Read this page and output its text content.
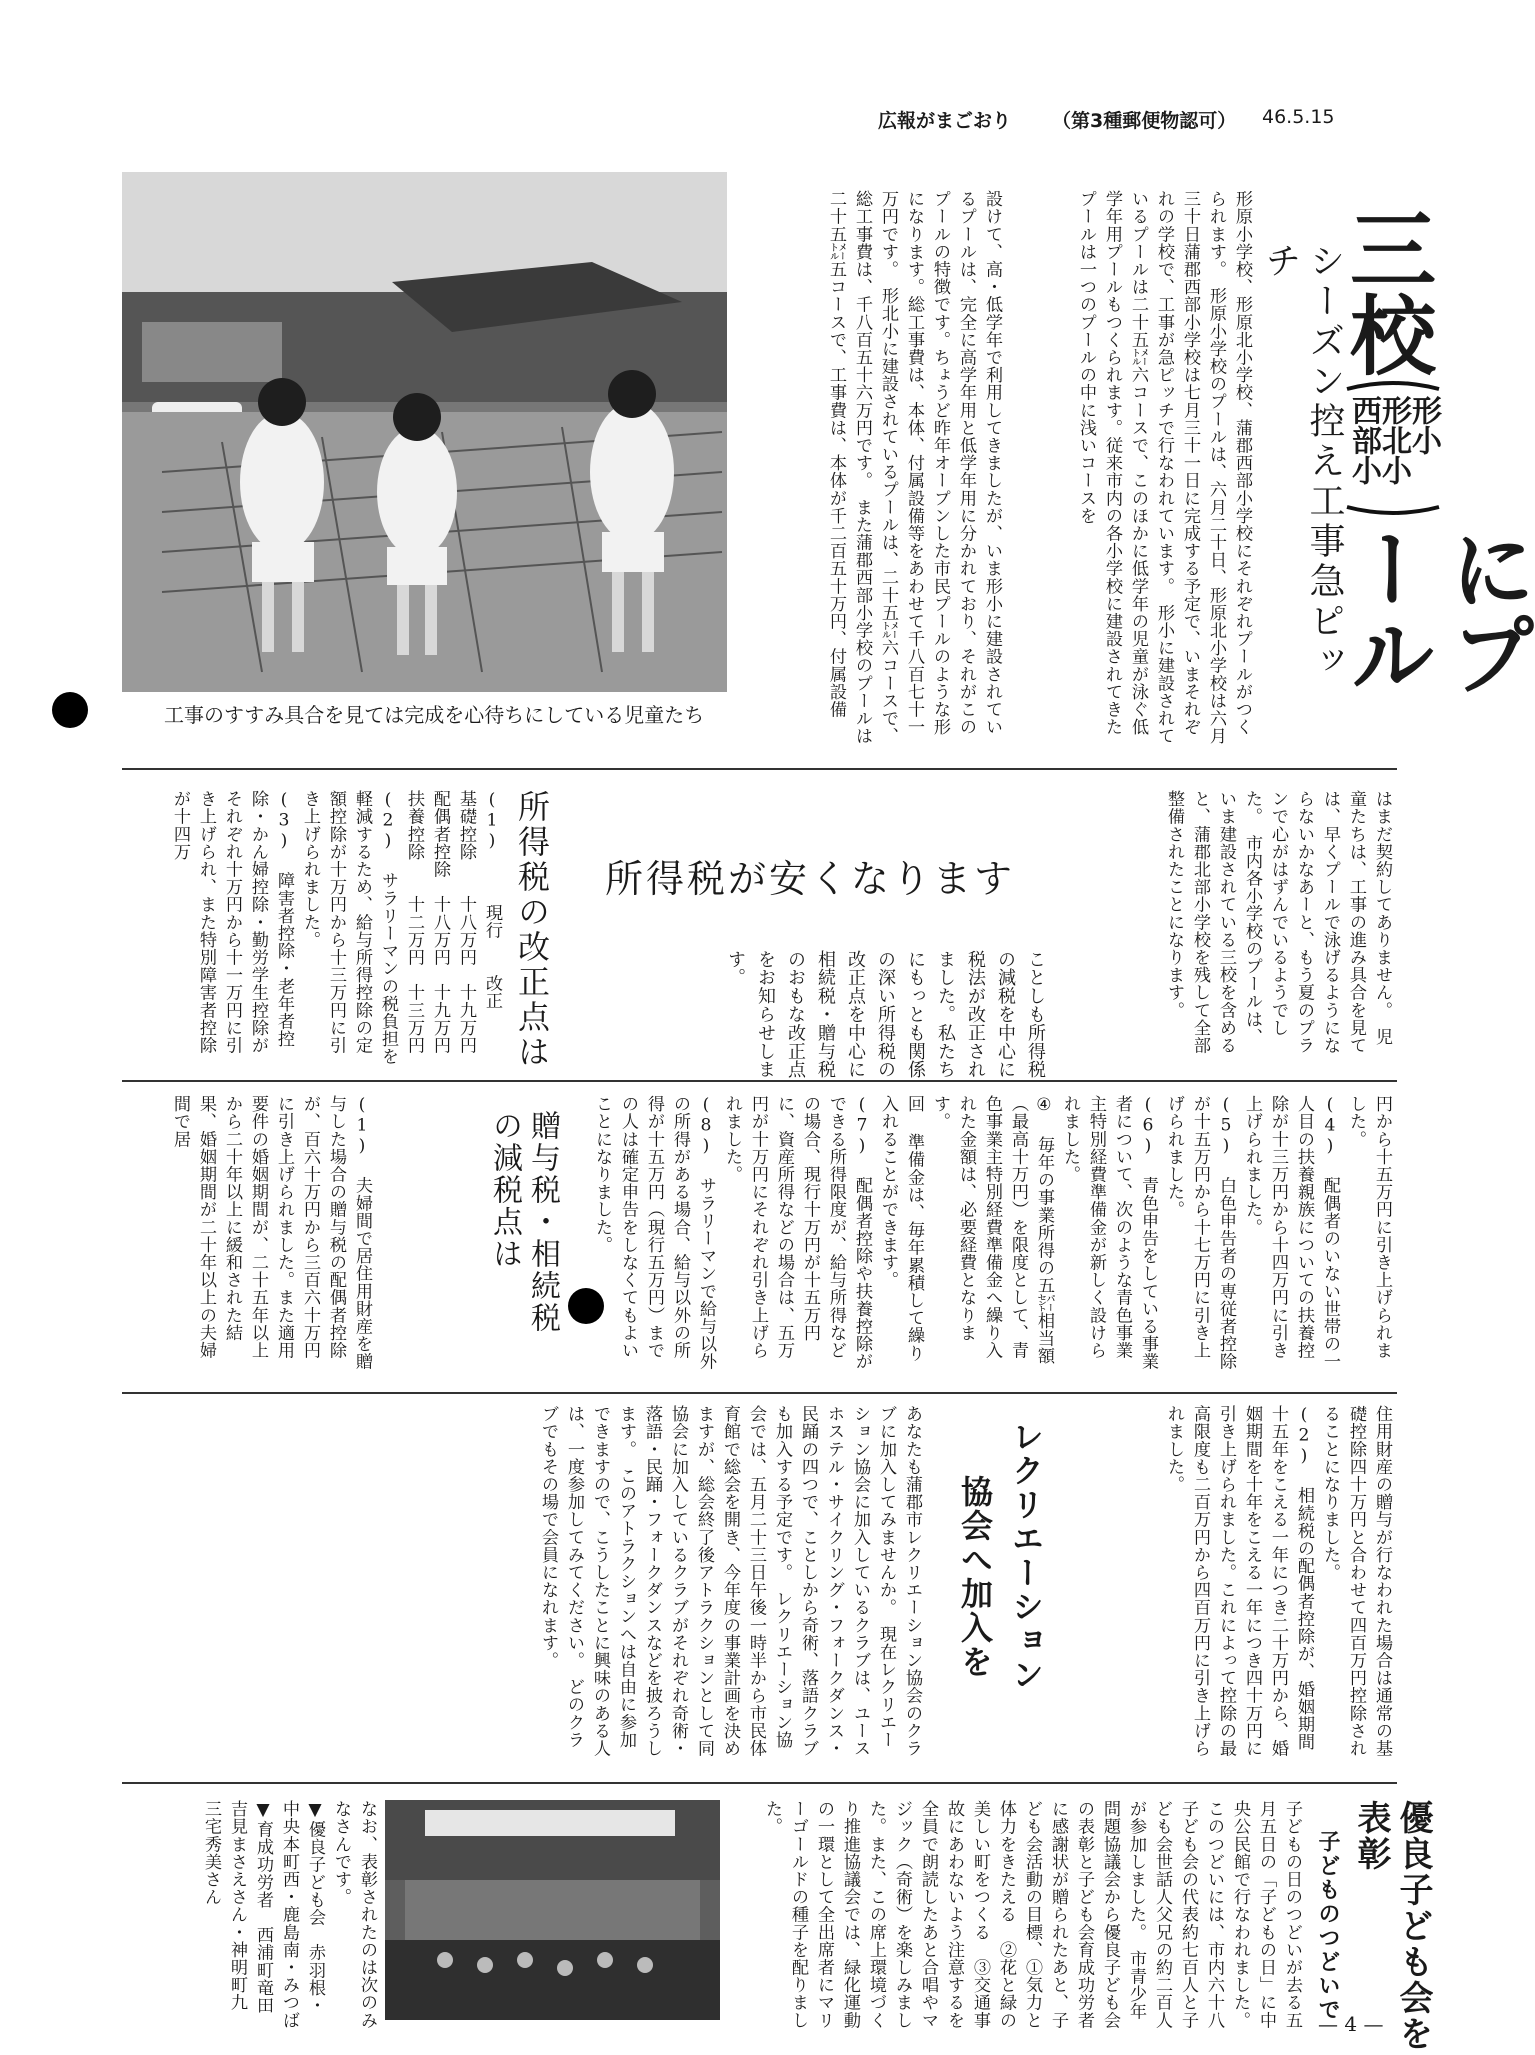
広報がまごおり （第3種郵便物認可） 46.5.15
三校
形小
形北小
西部小
にプール
シーズン控え工事急ピッチ
形原小学校、形原北小学校、蒲郡西部小学校にそれぞれプールがつくられます。　形原小学校のプールは、六月二十日、形原北小学校は六月三十日蒲郡西部小学校は七月三十一日に完成する予定で、いまそれぞれの学校で、工事が急ピッチで行なわれています。　形小に建設されているプールは二十五㍍六コースで、このほかに低学年の児童が泳ぐ低学年用プールもつくられます。従来市内の各小学校に建設されてきたプールは一つのプールの中に浅いコースを
設けて、高・低学年で利用してきましたが、いま形小に建設されているプールは、完全に高学年用と低学年用に分かれており、それがこのプールの特徴です。ちょうど昨年オープンした市民プールのような形になります。総工事費は、本体、付属設備等をあわせて千八百七十一万円です。　形北小に建設されているプールは、二十五㍍六コースで、総工事費は、千八百五十六万円です。　また蒲郡西部小学校のプールは二十五㍍五コースで、工事費は、本体が千二百五十万円、付属設備
工事のすすみ具合を見ては完成を心待ちにしている児童たち
はまだ契約してありません。　児童たちは、工事の進み具合を見ては、早くプールで泳げるようにならないかなあーと、もう夏のプランで心がはずんでいるようでした。　市内各小学校のプールは、いま建設されている三校を含めると、蒲郡北部小学校を残して全部整備されたことになります。
所得税が安くなります
ことしも所得税の減税を中心に税法が改正されました。私たちにもっとも関係の深い所得税の改正点を中心に相続税・贈与税のおもな改正点をお知らせします。
所得税の改正点は
(1)　　　現行　　改正
基礎控除　　十八万円　十九万円
配偶者控除　十八万円　十九万円
扶養控除　　十二万円　十三万円
(2) サラリーマンの税負担を軽減するため、給与所得控除の定額控除が十万円から十三万円に引き上げられました。
(3) 障害者控除・老年者控除・かん婦控除・勤労学生控除がそれぞれ十万円から十一万円に引き上げられ、また特別障害者控除が十四万
円から十五万円に引き上げられました。
(4) 配偶者のいない世帯の一人目の扶養親族についての扶養控除が十三万円から十四万円に引き上げられました。
(5) 白色申告者の専従者控除が十五万円から十七万円に引き上げられました。
(6) 青色申告をしている事業者について、次のような青色事業主特別経費準備金が新しく設けられました。
④ 毎年の事業所得の五㌫相当額（最高十万円）を限度として、青色事業主特別経費準備金へ繰り入れた金額は、必要経費となります。
回 準備金は、毎年累積して繰り入れることができます。
(7) 配偶者控除や扶養控除ができる所得限度が、給与所得などの場合、現行十万円が十五万円に、資産所得などの場合は、五万円が十万円にそれぞれ引き上げられました。
(8) サラリーマンで給与以外の所得がある場合、給与以外の所得が十五万円（現行五万円）までの人は確定申告をしなくてもよいことになりました。
贈与税・相続税の減税点は
(1) 夫婦間で居住用財産を贈与した場合の贈与税の配偶者控除が、百六十万円から三百六十万円に引き上げられました。また適用要件の婚姻期間が、二十五年以上から二十年以上に緩和された結果、婚姻期間が二十年以上の夫婦間で居
住用財産の贈与が行なわれた場合は通常の基礎控除四十万円と合わせて四百万円控除されることになりました。
(2) 相続税の配偶者控除が、婚姻期間十五年をこえる一年につき二十万円から、婚姻期間を十年をこえる一年につき四十万円に引き上げられました。これによって控除の最高限度も二百万円から四百万円に引き上げられました。
レクリエーション
協会へ加入を
あなたも蒲郡市レクリエーション協会のクラブに加入してみませんか。　現在レクリエーション協会に加入しているクラブは、ユースホステル・サイクリング・フォークダンス・民踊の四つで、ことしから奇術、落語クラブも加入する予定です。　レクリエーション協会では、五月二十三日午後一時半から市民体育館で総会を開き、今年度の事業計画を決めますが、総会終了後アトラクションとして同協会に加入しているクラブがそれぞれ奇術・落語・民踊・フォークダンスなどを披ろうします。　このアトラクションへは自由に参加できますので、こうしたことに興味のある人は、一度参加してみてください。　どのクラブでもその場で会員になれます。
優良子ども会を表彰
子どものつどいで
子どもの日のつどいが去る五月五日の「子どもの日」に中央公民館で行なわれました。　このつどいには、市内六十八子ども会の代表約七百人と子ども会世話人父兄の約二百人が参加しました。　市青少年問題協議会から優良子ども会の表彰と子ども会育成功労者に感謝状が贈られたあと、子ども会活動の目標、①気力と体力をきたえる　②花と緑の美しい町をつくる　③交通事故にあわないよう注意するを全員で朗読したあと合唱やマジック（奇術）を楽しみました。また、この席上環境づくり推進協議会では、緑化運動の一環として全出席者にマリーゴールドの種子を配りました。
なお、表彰されたのは次のみなさんです。
▼優良子ども会　赤羽根・中央本町西・鹿島南・みつば
▼育成功労者　西浦町竜田　吉見まさえさん・神明町九　三宅秀美さん
— 4 —
